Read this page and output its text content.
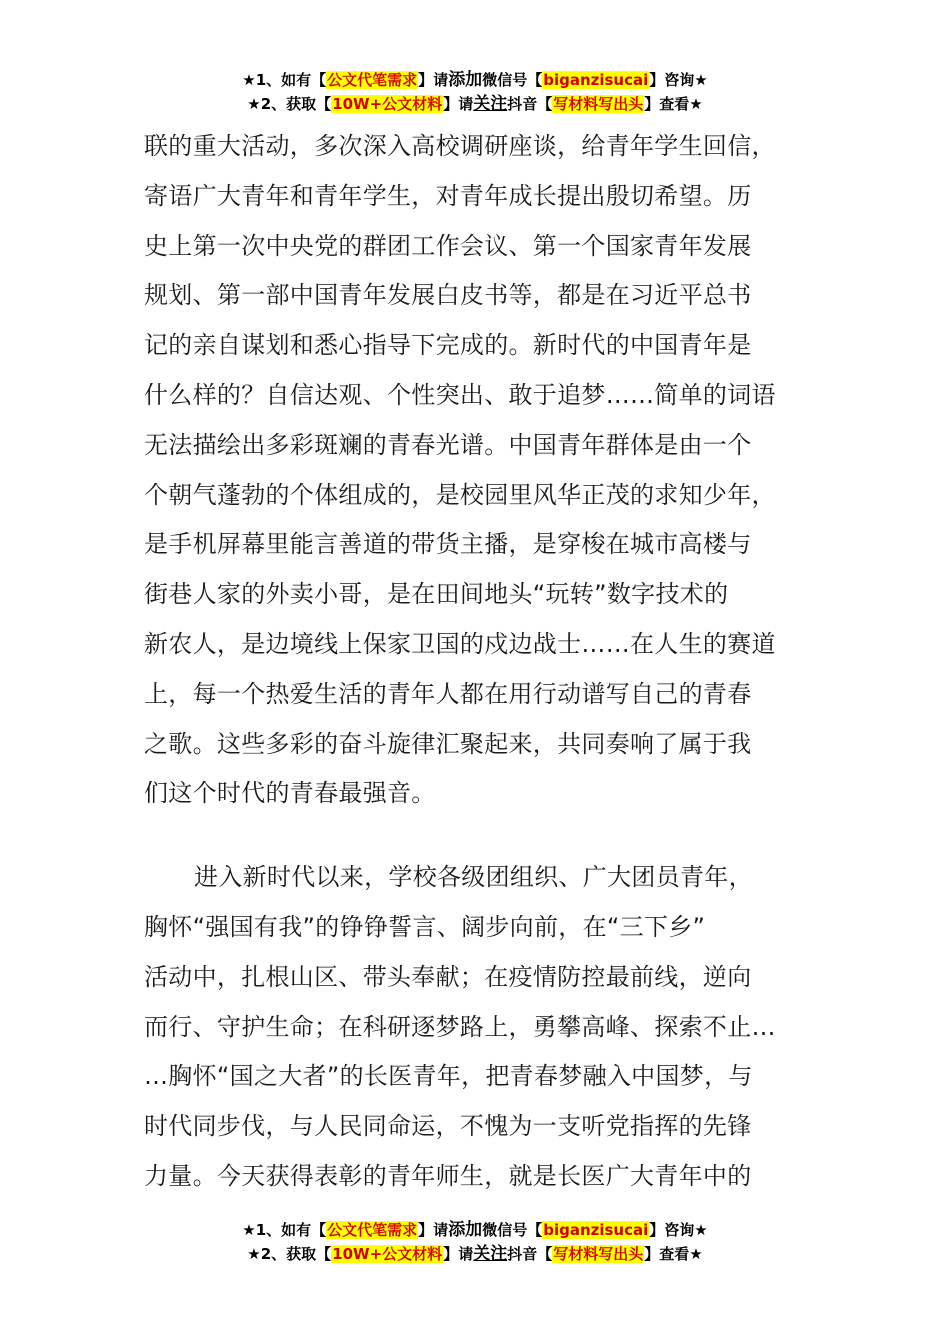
★1、如有【公文代笔需求】请添加微信号【biganzisucai】咨询★
★2、获取【10W+公文材料】请关注抖音【写材料写出头】查看★
联的重大活动，多次深入高校调研座谈，给青年学生回信，
寄语广大青年和青年学生，对青年成长提出殷切希望。历
史上第一次中央党的群团工作会议、第一个国家青年发展
规划、第一部中国青年发展白皮书等，都是在习近平总书
记的亲自谋划和悉心指导下完成的。新时代的中国青年是
什么样的？自信达观、个性突出、敢于追梦……简单的词语
无法描绘出多彩斑斓的青春光谱。中国青年群体是由一个
个朝气蓬勃的个体组成的，是校园里风华正茂的求知少年，
是手机屏幕里能言善道的带货主播，是穿梭在城市高楼与
街巷人家的外卖小哥，是在田间地头“玩转”数字技术的
新农人，是边境线上保家卫国的戍边战士……在人生的赛道
上，每一个热爱生活的青年人都在用行动谱写自己的青春
之歌。这些多彩的奋斗旋律汇聚起来，共同奏响了属于我
们这个时代的青春最强音。
进入新时代以来，学校各级团组织、广大团员青年，
胸怀“强国有我”的铮铮誓言、阔步向前，在“三下乡”
活动中，扎根山区、带头奉献；在疫情防控最前线，逆向
而行、守护生命；在科研逐梦路上，勇攀高峰、探索不止…
…胸怀“国之大者”的长医青年，把青春梦融入中国梦，与
时代同步伐，与人民同命运，不愧为一支听党指挥的先锋
力量。今天获得表彰的青年师生，就是长医广大青年中的
★1、如有【公文代笔需求】请添加微信号【biganzisucai】咨询★
★2、获取【10W+公文材料】请关注抖音【写材料写出头】查看★
